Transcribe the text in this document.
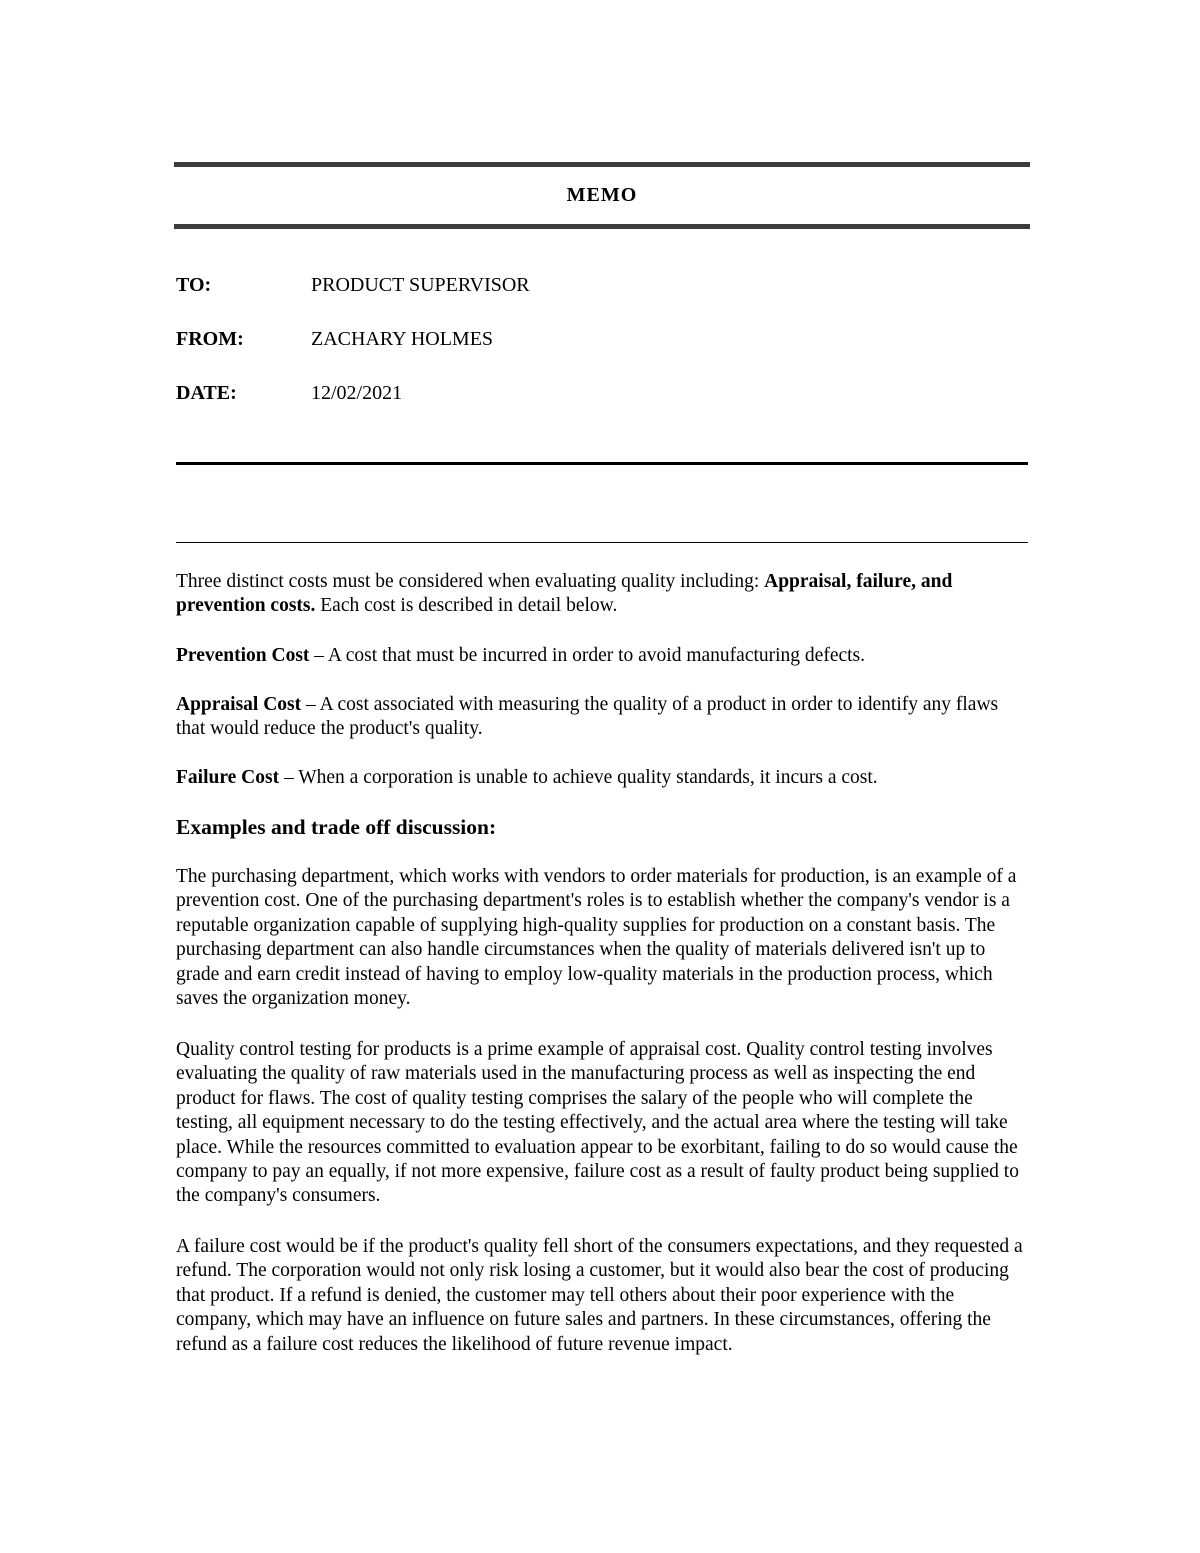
MEMO
TO:	PRODUCT SUPERVISOR
FROM:	ZACHARY HOLMES
DATE:	12/02/2021
Three distinct costs must be considered when evaluating quality including: Appraisal, failure, and prevention costs. Each cost is described in detail below.
Prevention Cost – A cost that must be incurred in order to avoid manufacturing defects.
Appraisal Cost – A cost associated with measuring the quality of a product in order to identify any flaws that would reduce the product's quality.
Failure Cost – When a corporation is unable to achieve quality standards, it incurs a cost.
Examples and trade off discussion:
The purchasing department, which works with vendors to order materials for production, is an example of a prevention cost. One of the purchasing department's roles is to establish whether the company's vendor is a reputable organization capable of supplying high-quality supplies for production on a constant basis. The purchasing department can also handle circumstances when the quality of materials delivered isn't up to grade and earn credit instead of having to employ low-quality materials in the production process, which saves the organization money.
Quality control testing for products is a prime example of appraisal cost. Quality control testing involves evaluating the quality of raw materials used in the manufacturing process as well as inspecting the end product for flaws. The cost of quality testing comprises the salary of the people who will complete the testing, all equipment necessary to do the testing effectively, and the actual area where the testing will take place. While the resources committed to evaluation appear to be exorbitant, failing to do so would cause the company to pay an equally, if not more expensive, failure cost as a result of faulty product being supplied to the company's consumers.
A failure cost would be if the product's quality fell short of the consumers expectations, and they requested a refund. The corporation would not only risk losing a customer, but it would also bear the cost of producing that product. If a refund is denied, the customer may tell others about their poor experience with the company, which may have an influence on future sales and partners. In these circumstances, offering the refund as a failure cost reduces the likelihood of future revenue impact.
